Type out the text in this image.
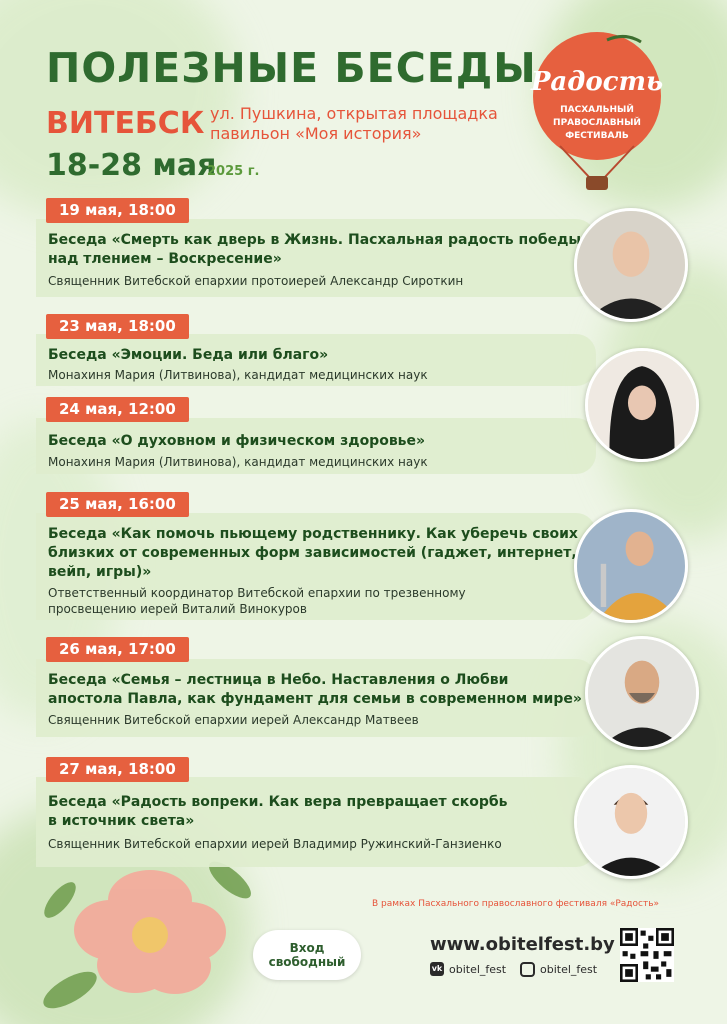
ПОЛЕЗНЫЕ БЕСЕДЫ
ВИТЕБСК ул. Пушкина, открытая площадка
павильон «Моя история»
18-28 мая
2025 г.
Радость
ПАСХАЛЬНЫЙ
ПРАВОСЛАВНЫЙ
ФЕСТИВАЛЬ
Беседа «Смерть как дверь в Жизнь. Пасхальная радость победы
над тлением – Воскресение»
Священник Витебской епархии протоиерей Александр Сироткин
19 мая, 18:00
Беседа «Эмоции. Беда или благо»
Монахиня Мария (Литвинова), кандидат медицинских наук
23 мая, 18:00
Беседа «О духовном и физическом здоровье»
Монахиня Мария (Литвинова), кандидат медицинских наук
24 мая, 12:00
Беседа «Как помочь пьющему родственнику. Как уберечь своих
близких от современных форм зависимостей (гаджет, интернет,
вейп, игры)»
Ответственный координатор Витебской епархии по трезвенному
просвещению иерей Виталий Винокуров
25 мая, 16:00
Беседа «Семья – лестница в Небо. Наставления о Любви
апостола Павла, как фундамент для семьи в современном мире»
Священник Витебской епархии иерей Александр Матвеев
26 мая, 17:00
Беседа «Радость вопреки. Как вера превращает скорбь
в источник света»
Священник Витебской епархии иерей Владимир Ружинский-Ганзиенко
27 мая, 18:00
В рамках Пасхального православного фестиваля «Радость»
Вход
свободный
www.obitelfest.by
vk obitel_fest	obitel_fest
